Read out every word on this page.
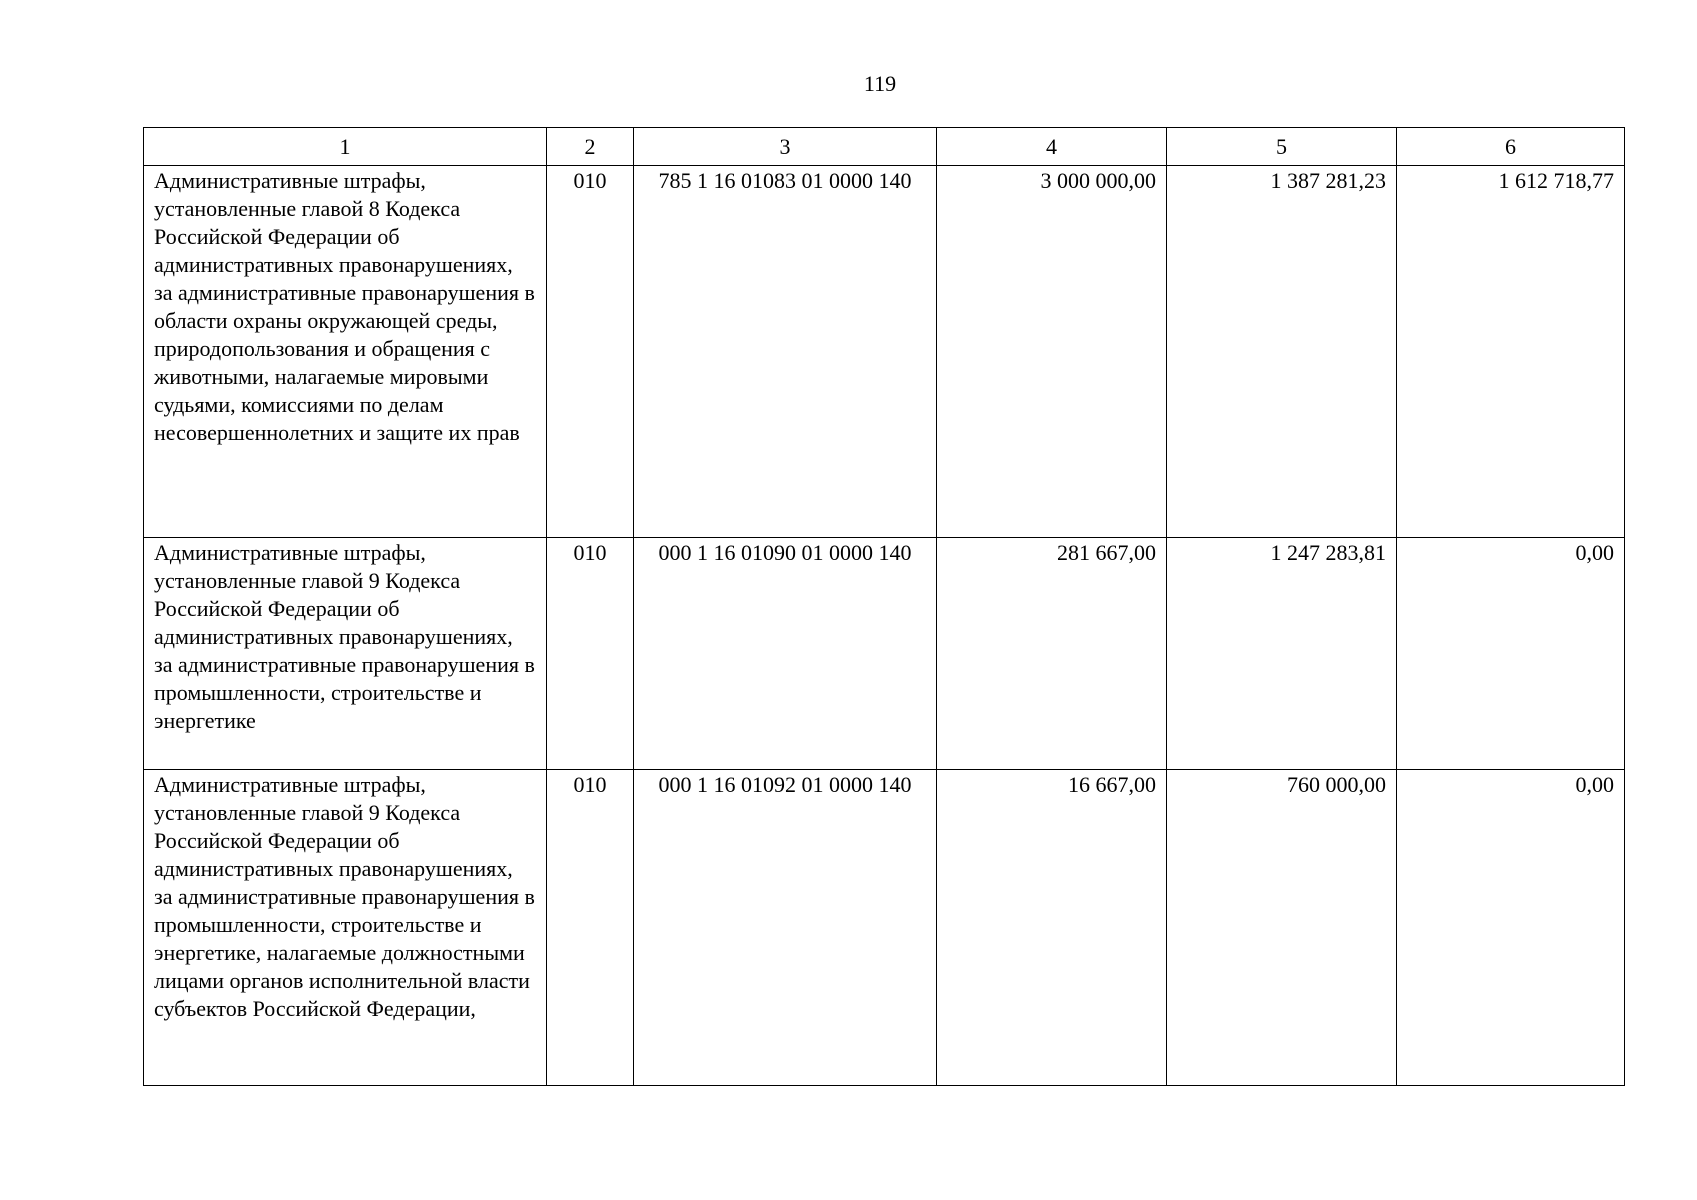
119
1	2	3	4	5	6
Административные штрафы, установленные главой 8 Кодекса Российской Федерации об административных правонарушениях, за административные правонарушения в области охраны окружающей среды, природопользования и обращения с животными, налагаемые мировыми судьями, комиссиями по делам несовершеннолетних и защите их прав	010	785 1 16 01083 01 0000 140	3 000 000,00	1 387 281,23	1 612 718,77
Административные штрафы, установленные главой 9 Кодекса Российской Федерации об административных правонарушениях, за административные правонарушения в промышленности, строительстве и энергетике	010	000 1 16 01090 01 0000 140	281 667,00	1 247 283,81	0,00
Административные штрафы, установленные главой 9 Кодекса Российской Федерации об административных правонарушениях, за административные правонарушения в промышленности, строительстве и энергетике, налагаемые должностными лицами органов исполнительной власти субъектов Российской Федерации,	010	000 1 16 01092 01 0000 140	16 667,00	760 000,00	0,00
